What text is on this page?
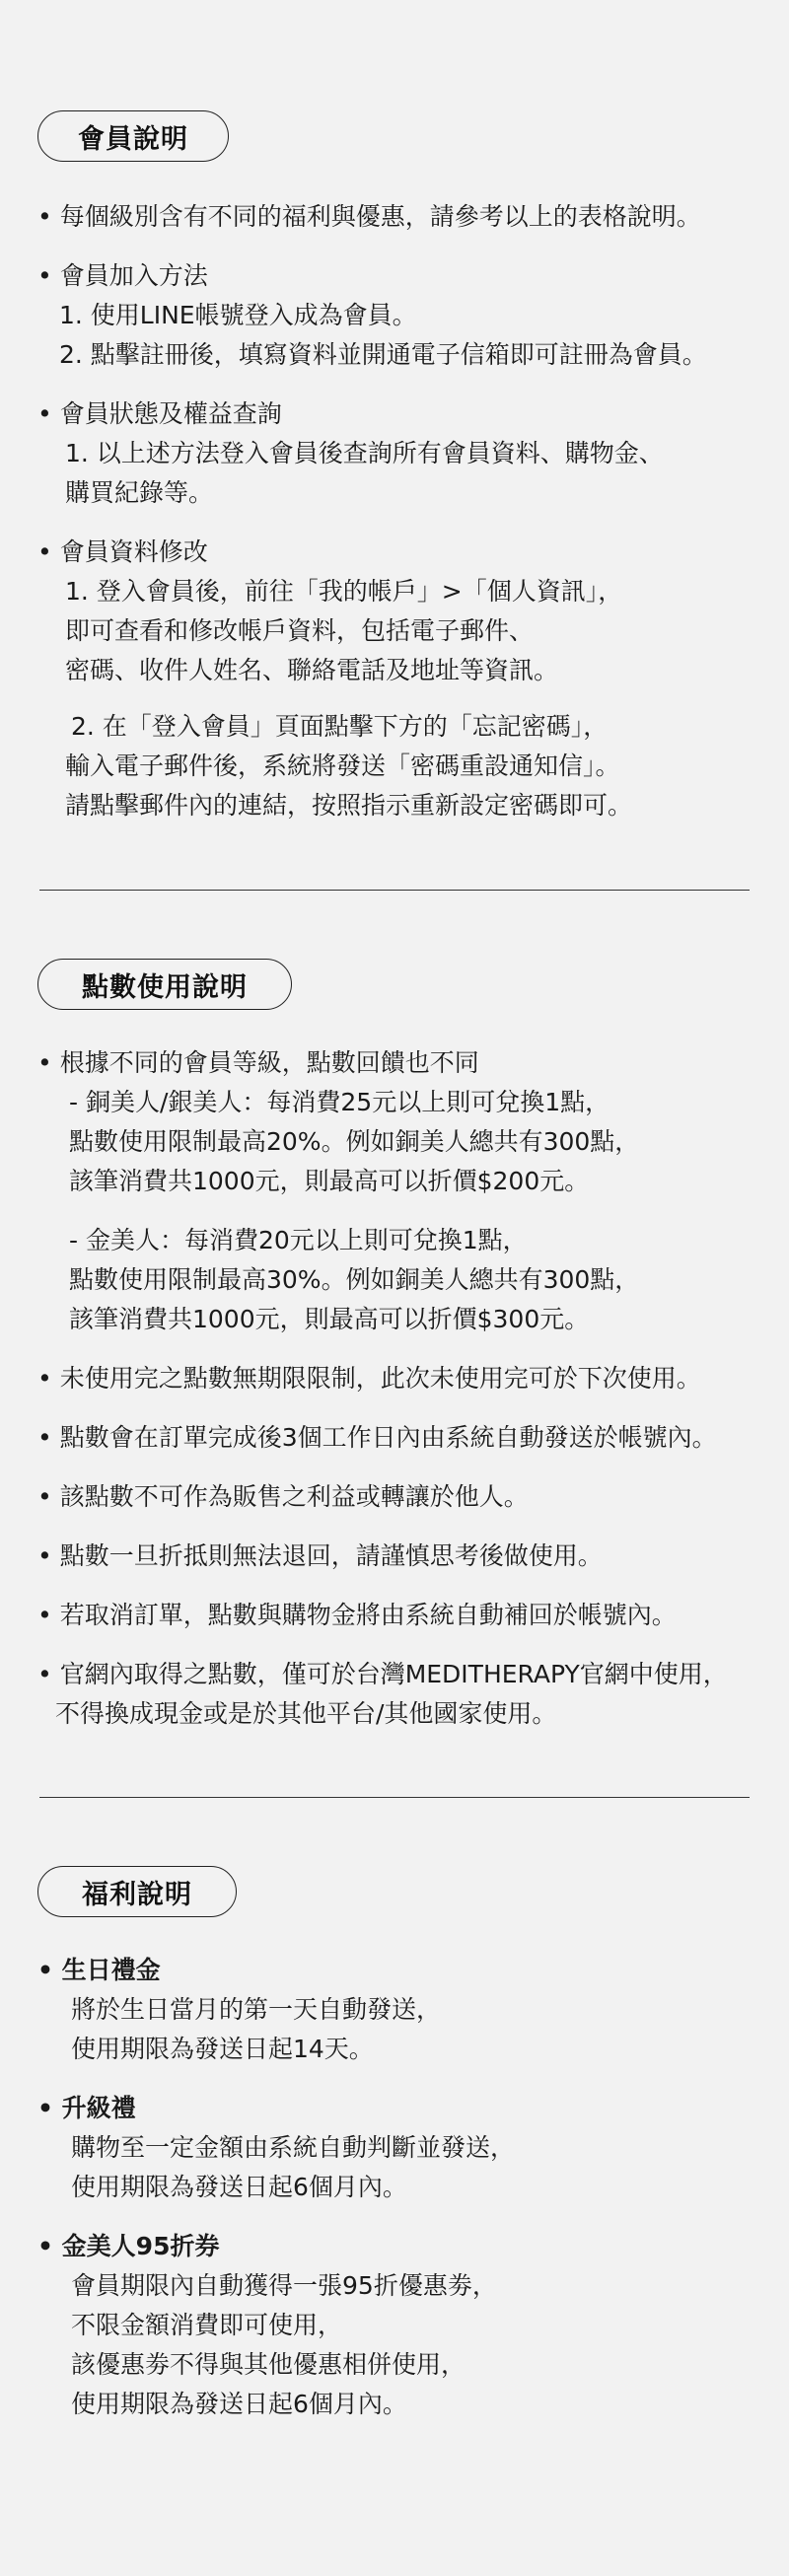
會員說明
• 每個級別含有不同的福利與優惠，請參考以上的表格說明。
• 會員加入方法
1. 使用LINE帳號登入成為會員。
2. 點擊註冊後，填寫資料並開通電子信箱即可註冊為會員。
• 會員狀態及權益查詢
1. 以上述方法登入會員後查詢所有會員資料、購物金、
購買紀錄等。
• 會員資料修改
1. 登入會員後，前往「我的帳戶」>「個人資訊」，
即可查看和修改帳戶資料，包括電子郵件、
密碼、收件人姓名、聯絡電話及地址等資訊。
2. 在「登入會員」頁面點擊下方的「忘記密碼」，
輸入電子郵件後，系統將發送「密碼重設通知信」。
請點擊郵件內的連結，按照指示重新設定密碼即可。
點數使用說明
• 根據不同的會員等級，點數回饋也不同
- 銅美人/銀美人：每消費25元以上則可兌換1點，
點數使用限制最高20%。例如銅美人總共有300點，
該筆消費共1000元，則最高可以折價$200元。
- 金美人：每消費20元以上則可兌換1點，
點數使用限制最高30%。例如銅美人總共有300點，
該筆消費共1000元，則最高可以折價$300元。
• 未使用完之點數無期限限制，此次未使用完可於下次使用。
• 點數會在訂單完成後3個工作日內由系統自動發送於帳號內。
• 該點數不可作為販售之利益或轉讓於他人。
• 點數一旦折抵則無法退回，請謹慎思考後做使用。
• 若取消訂單，點數與購物金將由系統自動補回於帳號內。
• 官網內取得之點數，僅可於台灣MEDITHERAPY官網中使用，
不得換成現金或是於其他平台/其他國家使用。
福利說明
• 生日禮金
將於生日當月的第一天自動發送，
使用期限為發送日起14天。
• 升級禮
購物至一定金額由系統自動判斷並發送，
使用期限為發送日起6個月內。
• 金美人95折券
會員期限內自動獲得一張95折優惠劵，
不限金額消費即可使用，
該優惠劵不得與其他優惠相併使用，
使用期限為發送日起6個月內。
